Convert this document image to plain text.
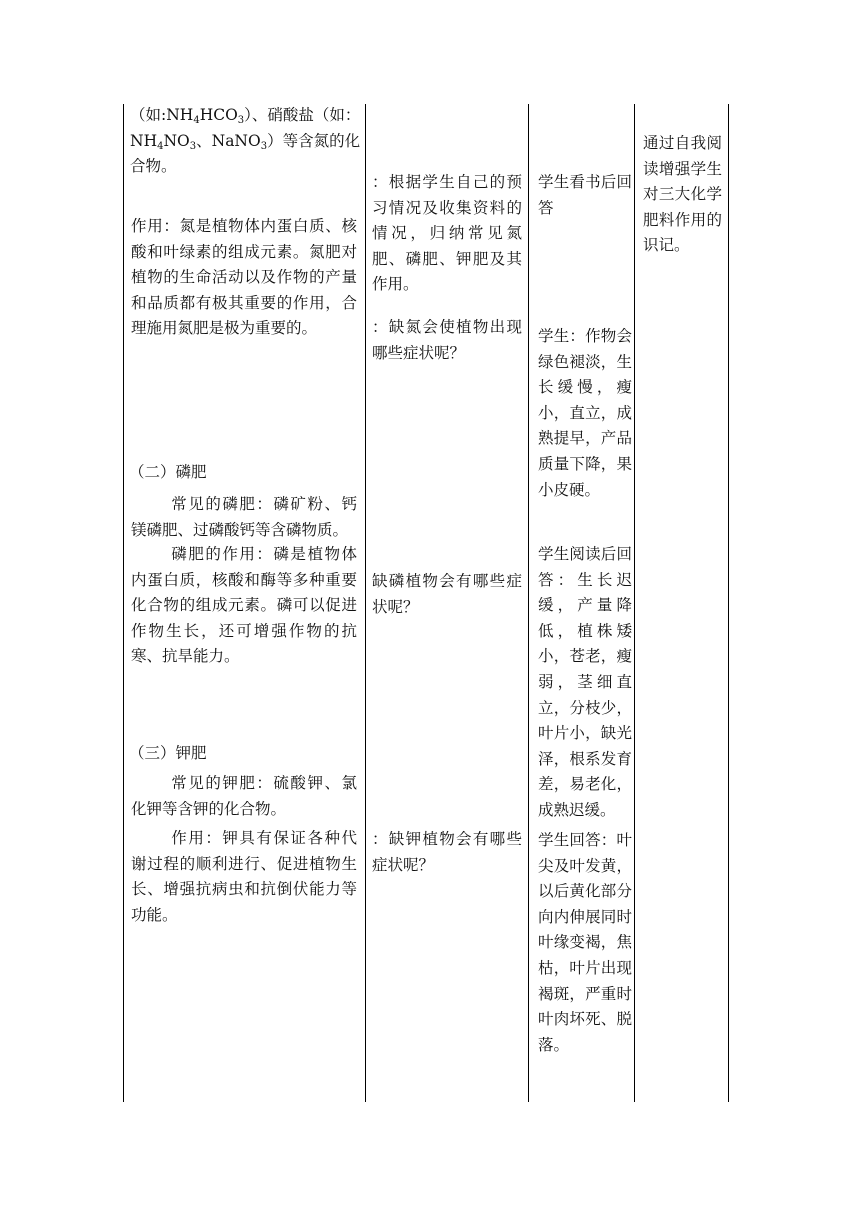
（如$:NH_4HCO_3$）、硝酸盐（如：
$NH_4NO_3$、NaNO$_3$）等含氮的化合物。

作用：氮是植物体内蛋白质、核酸和叶绿素的组成元素。氮肥对植物的生命活动以及作物的产量和品质都有极其重要的作用，合理施用氮肥是极为重要的。

（二）磷肥

常见的磷肥：磷矿粉、钙镁磷肥、过磷酸钙等含磷物质。

磷肥的作用：磷是植物体内蛋白质，核酸和酶等多种重要化合物的组成元素。磷可以促进作物生长，还可增强作物的抗寒、抗旱能力。

（三）钾肥

常见的钾肥：硫酸钾、氯化钾等含钾的化合物。

作用：钾具有保证各种代谢过程的顺利进行、促进植物生长、增强抗病虫和抗倒伏能力等功能。

：根据学生自己的预习情况及收集资料的情况，归纳常见氮肥、磷肥、钾肥及其作用。

：缺氮会使植物出现哪些症状呢？

缺磷植物会有哪些症状呢？

：缺钾植物会有哪些症状呢？

学生看书后回答

学生：作物会绿色褪淡，生长缓慢，瘦小，直立，成熟提早，产品质量下降，果小皮硬。

学生阅读后回答：生长迟缓，产量降低，植株矮小，苍老，瘦弱，茎细直立，分枝少，叶片小，缺光泽，根系发育差，易老化，成熟迟缓。

学生回答：叶尖及叶发黄，以后黄化部分向内伸展同时叶缘变褐，焦枯，叶片出现褐斑，严重时叶肉坏死、脱落。

通过自我阅读增强学生对三大化学肥料作用的识记。
